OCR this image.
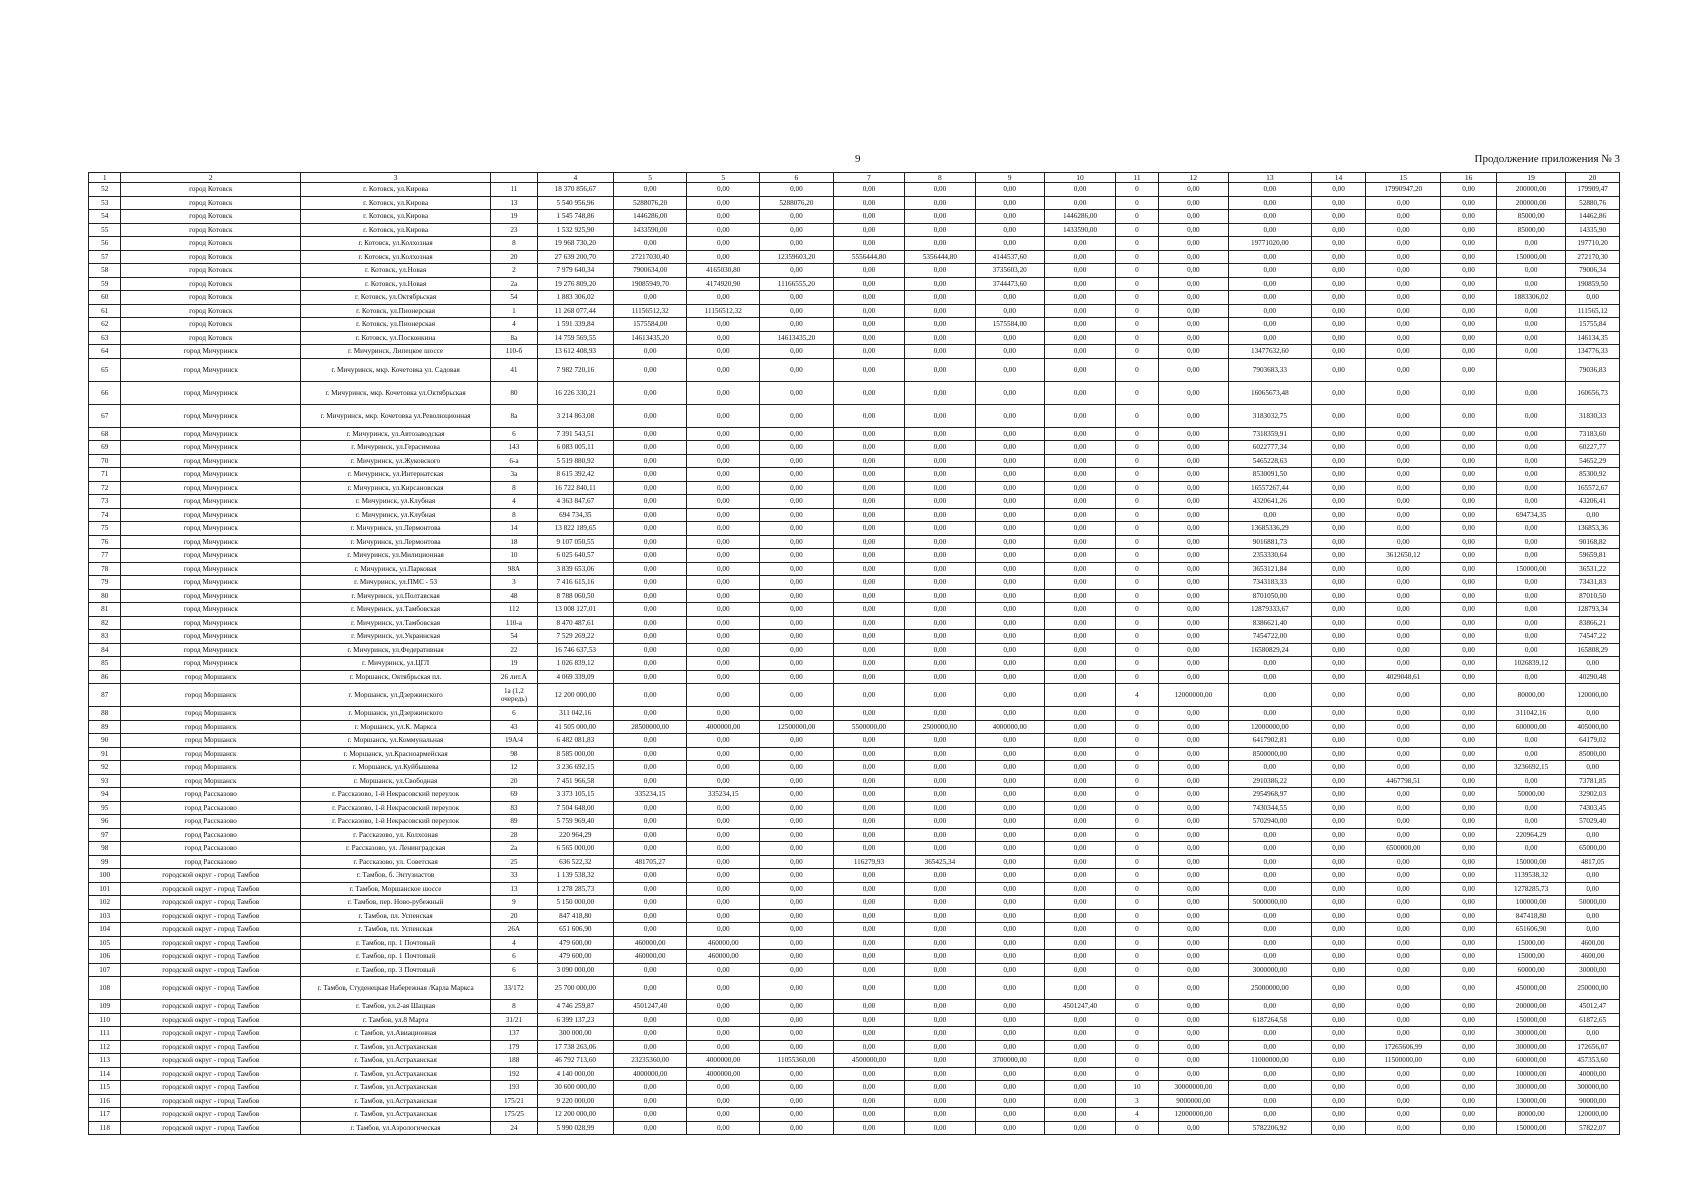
9	Продолжение приложения № 3
1	2	3		4	5	5	6	7	8	9	10	11	12	13	14	15	16	19	20
52	город Котовск	г. Котовск, ул.Кирова	11	18 370 856,67	0,00	0,00	0,00	0,00	0,00	0,00	0,00	0	0,00	0,00	0,00	17990947,20	0,00	200000,00	179909,47
53	город Котовск	г. Котовск, ул.Кирова	13	5 540 956,96	5288076,20	0,00	5288076,20	0,00	0,00	0,00	0,00	0	0,00	0,00	0,00	0,00	0,00	200000,00	52880,76
54	город Котовск	г. Котовск, ул.Кирова	19	1 545 748,86	1446286,00	0,00	0,00	0,00	0,00	0,00	1446286,00	0	0,00	0,00	0,00	0,00	0,00	85000,00	14462,86
55	город Котовск	г. Котовск, ул.Кирова	23	1 532 925,90	1433590,00	0,00	0,00	0,00	0,00	0,00	1433590,00	0	0,00	0,00	0,00	0,00	0,00	85000,00	14335,90
56	город Котовск	г. Котовск, ул.Колхозная	8	19 968 730,20	0,00	0,00	0,00	0,00	0,00	0,00	0,00	0	0,00	19771020,00	0,00	0,00	0,00	0,00	197710,20
57	город Котовск	г. Котовск, ул.Колхозная	20	27 639 200,70	27217030,40	0,00	12359603,20	5556444,80	5356444,80	4144537,60	0,00	0	0,00	0,00	0,00	0,00	0,00	150000,00	272170,30
58	город Котовск	г. Котовск, ул.Новая	2	7 979 640,34	7900634,00	4165030,80	0,00	0,00	0,00	3735603,20	0,00	0	0,00	0,00	0,00	0,00	0,00	0,00	79006,34
59	город Котовск	г. Котовск, ул.Новая	2а	19 276 809,20	19085949,70	4174920,90	11166555,20	0,00	0,00	3744473,60	0,00	0	0,00	0,00	0,00	0,00	0,00	0,00	190859,50
60	город Котовск	г. Котовск, ул.Октябрьская	54	1 883 306,02	0,00	0,00	0,00	0,00	0,00	0,00	0,00	0	0,00	0,00	0,00	0,00	0,00	1883306,02	0,00
61	город Котовск	г. Котовск, ул.Пионерская	1	11 268 077,44	11156512,32	11156512,32	0,00	0,00	0,00	0,00	0,00	0	0,00	0,00	0,00	0,00	0,00	0,00	111565,12
62	город Котовск	г. Котовск, ул.Пионерская	4	1 591 339,84	1575584,00	0,00	0,00	0,00	0,00	1575584,00	0,00	0	0,00	0,00	0,00	0,00	0,00	0,00	15755,84
63	город Котовск	г. Котовск, ул.Посконкина	8а	14 759 569,55	14613435,20	0,00	14613435,20	0,00	0,00	0,00	0,00	0	0,00	0,00	0,00	0,00	0,00	0,00	146134,35
64	город Мичуринск	г. Мичуринск, Липецкое шоссе	110-б	13 612 408,93	0,00	0,00	0,00	0,00	0,00	0,00	0,00	0	0,00	13477632,60	0,00	0,00	0,00	0,00	134776,33
65	город Мичуринск	г. Мичуринск, мкр. Кочетовка ул. Садовая	41	7 982 720,16	0,00	0,00	0,00	0,00	0,00	0,00	0,00	0	0,00	7903683,33	0,00	0,00	0,00		79036,83
66	город Мичуринск	г. Мичуринск, мкр. Кочетовка ул.Октябрьская	80	16 226 330,21	0,00	0,00	0,00	0,00	0,00	0,00	0,00	0	0,00	16065673,48	0,00	0,00	0,00	0,00	160656,73
67	город Мичуринск	г. Мичуринск, мкр. Кочетовка ул.Революционная	8а	3 214 863,08	0,00	0,00	0,00	0,00	0,00	0,00	0,00	0	0,00	3183032,75	0,00	0,00	0,00	0,00	31830,33
68	город Мичуринск	г. Мичуринск, ул.Автозаводская	6	7 391 543,51	0,00	0,00	0,00	0,00	0,00	0,00	0,00	0	0,00	7318359,91	0,00	0,00	0,00	0,00	73183,60
69	город Мичуринск	г. Мичуринск, ул.Герасимова	143	6 083 005,11	0,00	0,00	0,00	0,00	0,00	0,00	0,00	0	0,00	6022777,34	0,00	0,00	0,00	0,00	60227,77
70	город Мичуринск	г. Мичуринск, ул.Жуковского	6-а	5 519 880,92	0,00	0,00	0,00	0,00	0,00	0,00	0,00	0	0,00	5465228,63	0,00	0,00	0,00	0,00	54652,29
71	город Мичуринск	г. Мичуринск, ул.Интернатская	3а	8 615 392,42	0,00	0,00	0,00	0,00	0,00	0,00	0,00	0	0,00	8530091,50	0,00	0,00	0,00	0,00	85300,92
72	город Мичуринск	г. Мичуринск, ул.Кирсановская	8	16 722 840,11	0,00	0,00	0,00	0,00	0,00	0,00	0,00	0	0,00	16557267,44	0,00	0,00	0,00	0,00	165572,67
73	город Мичуринск	г. Мичуринск, ул.Клубная	4	4 363 847,67	0,00	0,00	0,00	0,00	0,00	0,00	0,00	0	0,00	4320641,26	0,00	0,00	0,00	0,00	43206,41
74	город Мичуринск	г. Мичуринск, ул.Клубная	8	694 734,35	0,00	0,00	0,00	0,00	0,00	0,00	0,00	0	0,00	0,00	0,00	0,00	0,00	694734,35	0,00
75	город Мичуринск	г. Мичуринск, ул.Лермонтова	14	13 822 189,65	0,00	0,00	0,00	0,00	0,00	0,00	0,00	0	0,00	13685336,29	0,00	0,00	0,00	0,00	136853,36
76	город Мичуринск	г. Мичуринск, ул.Лермонтова	18	9 107 050,55	0,00	0,00	0,00	0,00	0,00	0,00	0,00	0	0,00	9016881,73	0,00	0,00	0,00	0,00	90168,82
77	город Мичуринск	г. Мичуринск, ул.Милиционная	10	6 025 640,57	0,00	0,00	0,00	0,00	0,00	0,00	0,00	0	0,00	2353330,64	0,00	3612650,12	0,00	0,00	59659,81
78	город Мичуринск	г. Мичуринск, ул.Парковая	98А	3 839 653,06	0,00	0,00	0,00	0,00	0,00	0,00	0,00	0	0,00	3653121,84	0,00	0,00	0,00	150000,00	36531,22
79	город Мичуринск	г. Мичуринск, ул.ПМС - 53	3	7 416 615,16	0,00	0,00	0,00	0,00	0,00	0,00	0,00	0	0,00	7343183,33	0,00	0,00	0,00	0,00	73431,83
80	город Мичуринск	г. Мичуринск, ул.Полтавская	48	8 788 060,50	0,00	0,00	0,00	0,00	0,00	0,00	0,00	0	0,00	8701050,00	0,00	0,00	0,00	0,00	87010,50
81	город Мичуринск	г. Мичуринск, ул.Тамбовская	112	13 008 127,01	0,00	0,00	0,00	0,00	0,00	0,00	0,00	0	0,00	12879333,67	0,00	0,00	0,00	0,00	128793,34
82	город Мичуринск	г. Мичуринск, ул.Тамбовская	110-а	8 470 487,61	0,00	0,00	0,00	0,00	0,00	0,00	0,00	0	0,00	8386621,40	0,00	0,00	0,00	0,00	83866,21
83	город Мичуринск	г. Мичуринск, ул.Украинская	54	7 529 269,22	0,00	0,00	0,00	0,00	0,00	0,00	0,00	0	0,00	7454722,00	0,00	0,00	0,00	0,00	74547,22
84	город Мичуринск	г. Мичуринск, ул.Федеративная	22	16 746 637,53	0,00	0,00	0,00	0,00	0,00	0,00	0,00	0	0,00	16580829,24	0,00	0,00	0,00	0,00	165808,29
85	город Мичуринск	г. Мичуринск, ул.ЦГЛ	19	1 026 839,12	0,00	0,00	0,00	0,00	0,00	0,00	0,00	0	0,00	0,00	0,00	0,00	0,00	1026839,12	0,00
86	город Моршанск	г. Моршанск, Октябрьская пл.	26 лит.А	4 069 339,09	0,00	0,00	0,00	0,00	0,00	0,00	0,00	0	0,00	0,00	0,00	4029048,61	0,00	0,00	40290,48
87	город Моршанск	г. Моршанск, ул.Дзержинского	1а (1,2 очередь)	12 200 000,00	0,00	0,00	0,00	0,00	0,00	0,00	0,00	4	12000000,00	0,00	0,00	0,00	0,00	80000,00	120000,00
88	город Моршанск	г. Моршанск, ул.Дзержинского	6	311 042,16	0,00	0,00	0,00	0,00	0,00	0,00	0,00	0	0,00	0,00	0,00	0,00	0,00	311042,16	0,00
89	город Моршанск	г. Моршанск, ул.К. Маркса	43	41 505 000,00	28500000,00	4000000,00	12500000,00	5500000,00	2500000,00	4000000,00	0,00	0	0,00	12000000,00	0,00	0,00	0,00	600000,00	405000,00
90	город Моршанск	г. Моршанск, ул.Коммунальная	19А/4	6 482 081,83	0,00	0,00	0,00	0,00	0,00	0,00	0,00	0	0,00	6417902,81	0,00	0,00	0,00	0,00	64179,02
91	город Моршанск	г. Моршанск, ул.Красноармейская	98	8 585 000,00	0,00	0,00	0,00	0,00	0,00	0,00	0,00	0	0,00	8500000,00	0,00	0,00	0,00	0,00	85000,00
92	город Моршанск	г. Моршанск, ул.Куйбышева	12	3 236 692,15	0,00	0,00	0,00	0,00	0,00	0,00	0,00	0	0,00	0,00	0,00	0,00	0,00	3236692,15	0,00
93	город Моршанск	г. Моршанск, ул.Свободная	20	7 451 966,58	0,00	0,00	0,00	0,00	0,00	0,00	0,00	0	0,00	2910386,22	0,00	4467798,51	0,00	0,00	73781,85
94	город Рассказово	г. Рассказово, 1-й Некрасовский переулок	69	3 373 105,15	335234,15	335234,15	0,00	0,00	0,00	0,00	0,00	0	0,00	2954968,97	0,00	0,00	0,00	50000,00	32902,03
95	город Рассказово	г. Рассказово, 1-й Некрасовский переулок	83	7 504 648,00	0,00	0,00	0,00	0,00	0,00	0,00	0,00	0	0,00	7430344,55	0,00	0,00	0,00	0,00	74303,45
96	город Рассказово	г. Рассказово, 1-й Некрасовский переулок	89	5 759 969,40	0,00	0,00	0,00	0,00	0,00	0,00	0,00	0	0,00	5702940,00	0,00	0,00	0,00	0,00	57029,40
97	город Рассказово	г. Рассказово, ул. Колхозная	28	220 964,29	0,00	0,00	0,00	0,00	0,00	0,00	0,00	0	0,00	0,00	0,00	0,00	0,00	220964,29	0,00
98	город Рассказово	г. Рассказово, ул. Ленинградская	2а	6 565 000,00	0,00	0,00	0,00	0,00	0,00	0,00	0,00	0	0,00	0,00	0,00	6500000,00	0,00	0,00	65000,00
99	город Рассказово	г. Рассказово, ул. Советская	25	636 522,32	481705,27	0,00	0,00	116279,93	365425,34	0,00	0,00	0	0,00	0,00	0,00	0,00	0,00	150000,00	4817,05
100	городской округ - город Тамбов	г. Тамбов, б. Энтузиастов	33	1 139 538,32	0,00	0,00	0,00	0,00	0,00	0,00	0,00	0	0,00	0,00	0,00	0,00	0,00	1139538,32	0,00
101	городской округ - город Тамбов	г. Тамбов, Моршанское шоссе	13	1 278 285,73	0,00	0,00	0,00	0,00	0,00	0,00	0,00	0	0,00	0,00	0,00	0,00	0,00	1278285,73	0,00
102	городской округ - город Тамбов	г. Тамбов, пер. Ново-рубежный	9	5 150 000,00	0,00	0,00	0,00	0,00	0,00	0,00	0,00	0	0,00	5000000,00	0,00	0,00	0,00	100000,00	50000,00
103	городской округ - город Тамбов	г. Тамбов, пл. Успенская	20	847 418,80	0,00	0,00	0,00	0,00	0,00	0,00	0,00	0	0,00	0,00	0,00	0,00	0,00	847418,80	0,00
104	городской округ - город Тамбов	г. Тамбов, пл. Успенская	26А	651 606,90	0,00	0,00	0,00	0,00	0,00	0,00	0,00	0	0,00	0,00	0,00	0,00	0,00	651606,90	0,00
105	городской округ - город Тамбов	г. Тамбов, пр. 1 Почтовый	4	479 600,00	460000,00	460000,00	0,00	0,00	0,00	0,00	0,00	0	0,00	0,00	0,00	0,00	0,00	15000,00	4600,00
106	городской округ - город Тамбов	г. Тамбов, пр. 1 Почтовый	6	479 600,00	460000,00	460000,00	0,00	0,00	0,00	0,00	0,00	0	0,00	0,00	0,00	0,00	0,00	15000,00	4600,00
107	городской округ - город Тамбов	г. Тамбов, пр. 3 Почтовый	6	3 090 000,00	0,00	0,00	0,00	0,00	0,00	0,00	0,00	0	0,00	3000000,00	0,00	0,00	0,00	60000,00	30000,00
108	городской округ - город Тамбов	г. Тамбов, Студенецкая Набережная /Карла Маркса	33/172	25 700 000,00	0,00	0,00	0,00	0,00	0,00	0,00	0,00	0	0,00	25000000,00	0,00	0,00	0,00	450000,00	250000,00
109	городской округ - город Тамбов	г. Тамбов, ул.2-ая Шацкая	8	4 746 259,87	4501247,40	0,00	0,00	0,00	0,00	0,00	4501247,40	0	0,00	0,00	0,00	0,00	0,00	200000,00	45012,47
110	городской округ - город Тамбов	г. Тамбов, ул.8 Марта	31/21	6 399 137,23	0,00	0,00	0,00	0,00	0,00	0,00	0,00	0	0,00	6187264,58	0,00	0,00	0,00	150000,00	61872,65
111	городской округ - город Тамбов	г. Тамбов, ул.Авиационная	137	300 000,00	0,00	0,00	0,00	0,00	0,00	0,00	0,00	0	0,00	0,00	0,00	0,00	0,00	300000,00	0,00
112	городской округ - город Тамбов	г. Тамбов, ул.Астраханская	179	17 738 263,06	0,00	0,00	0,00	0,00	0,00	0,00	0,00	0	0,00	0,00	0,00	17265606,99	0,00	300000,00	172656,07
113	городской округ - город Тамбов	г. Тамбов, ул.Астраханская	188	46 792 713,60	23235360,00	4000000,00	11055360,00	4500000,00	0,00	3700000,00	0,00	0	0,00	11000000,00	0,00	11500000,00	0,00	600000,00	457353,60
114	городской округ - город Тамбов	г. Тамбов, ул.Астраханская	192	4 140 000,00	4000000,00	4000000,00	0,00	0,00	0,00	0,00	0,00	0	0,00	0,00	0,00	0,00	0,00	100000,00	40000,00
115	городской округ - город Тамбов	г. Тамбов, ул.Астраханская	193	30 600 000,00	0,00	0,00	0,00	0,00	0,00	0,00	0,00	10	30000000,00	0,00	0,00	0,00	0,00	300000,00	300000,00
116	городской округ - город Тамбов	г. Тамбов, ул.Астраханская	175/21	9 220 000,00	0,00	0,00	0,00	0,00	0,00	0,00	0,00	3	9000000,00	0,00	0,00	0,00	0,00	130000,00	90000,00
117	городской округ - город Тамбов	г. Тамбов, ул.Астраханская	175/25	12 200 000,00	0,00	0,00	0,00	0,00	0,00	0,00	0,00	4	12000000,00	0,00	0,00	0,00	0,00	80000,00	120000,00
118	городской округ - город Тамбов	г. Тамбов, ул.Аэрологическая	24	5 990 028,99	0,00	0,00	0,00	0,00	0,00	0,00	0,00	0	0,00	5782206,92	0,00	0,00	0,00	150000,00	57822,07
